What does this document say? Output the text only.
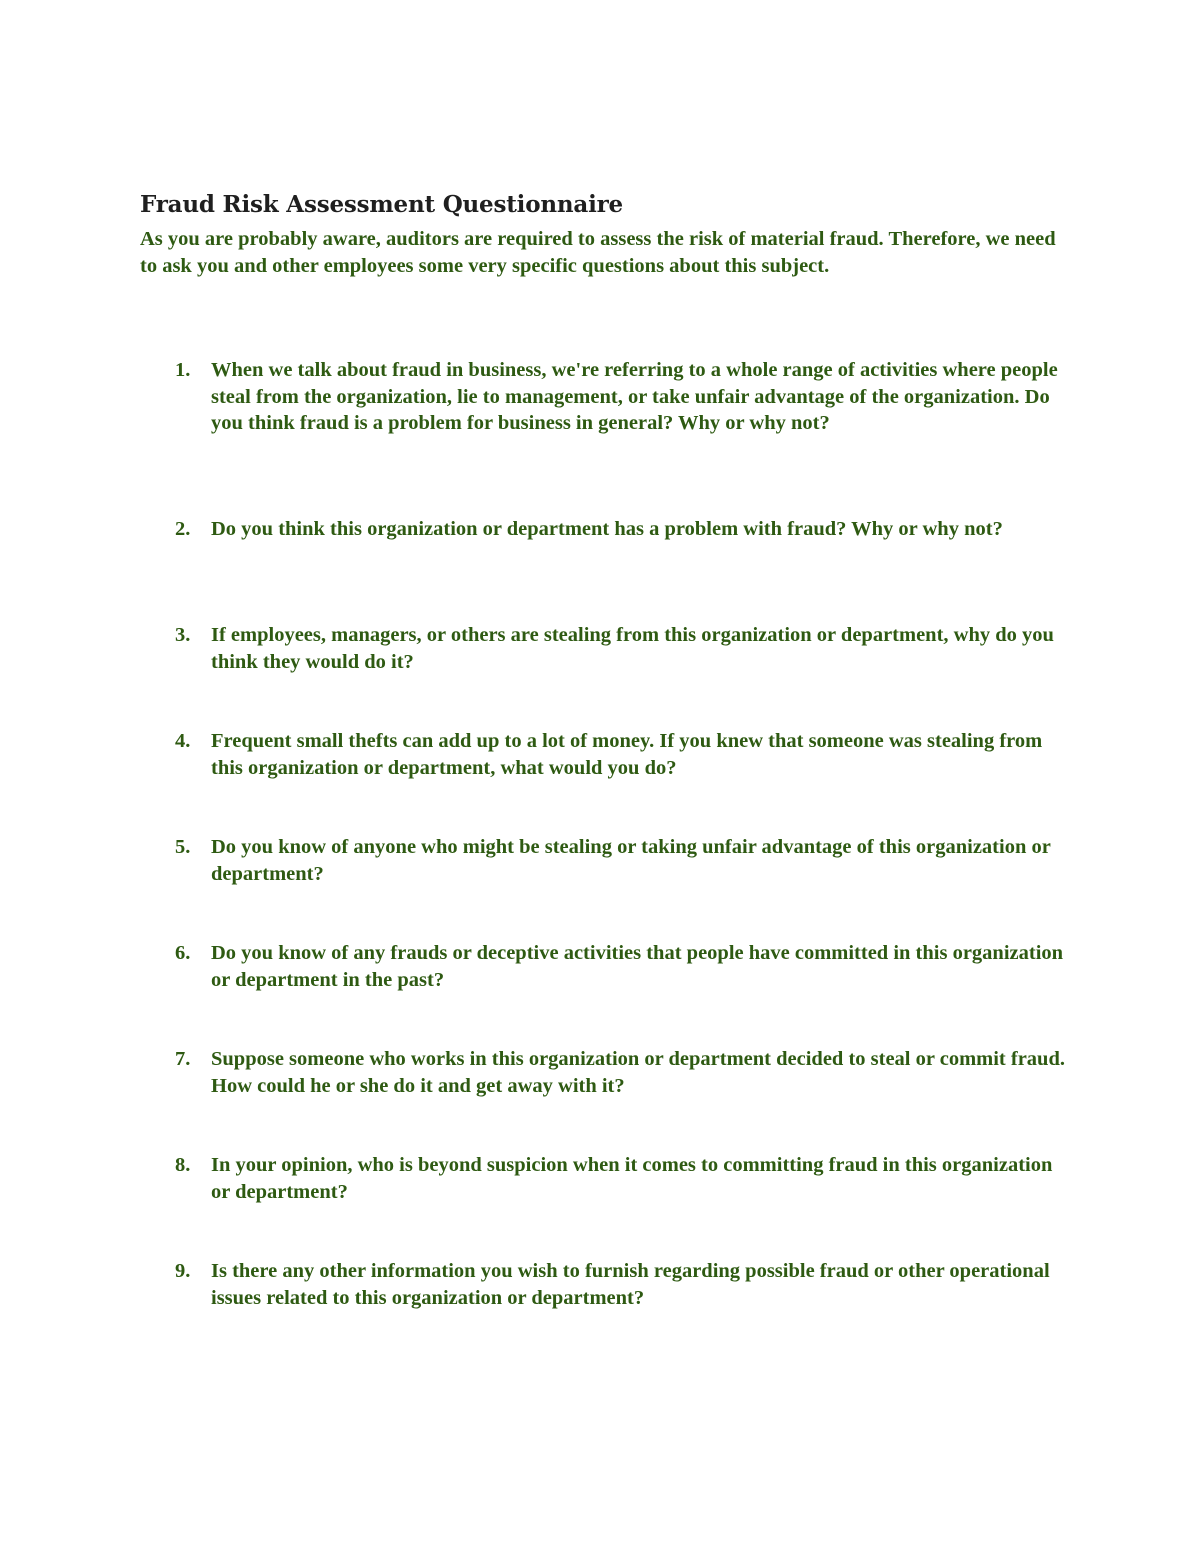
Fraud Risk Assessment Questionnaire

As you are probably aware, auditors are required to assess the risk of material fraud. Therefore, we need to ask you and other employees some very specific questions about this subject.

1.	When we talk about fraud in business, we're referring to a whole range of activities where people steal from the organization, lie to management, or take unfair advantage of the organization. Do you think fraud is a problem for business in general? Why or why not?
2.	Do you think this organization or department has a problem with fraud? Why or why not?
3.	If employees, managers, or others are stealing from this organization or department, why do you think they would do it?
4.	Frequent small thefts can add up to a lot of money. If you knew that someone was stealing from this organization or department, what would you do?
5.	Do you know of anyone who might be stealing or taking unfair advantage of this organization or department?
6.	Do you know of any frauds or deceptive activities that people have committed in this organization or department in the past?
7.	Suppose someone who works in this organization or department decided to steal or commit fraud. How could he or she do it and get away with it?
8.	In your opinion, who is beyond suspicion when it comes to committing fraud in this organization or department?
9.	Is there any other information you wish to furnish regarding possible fraud or other operational issues related to this organization or department?
